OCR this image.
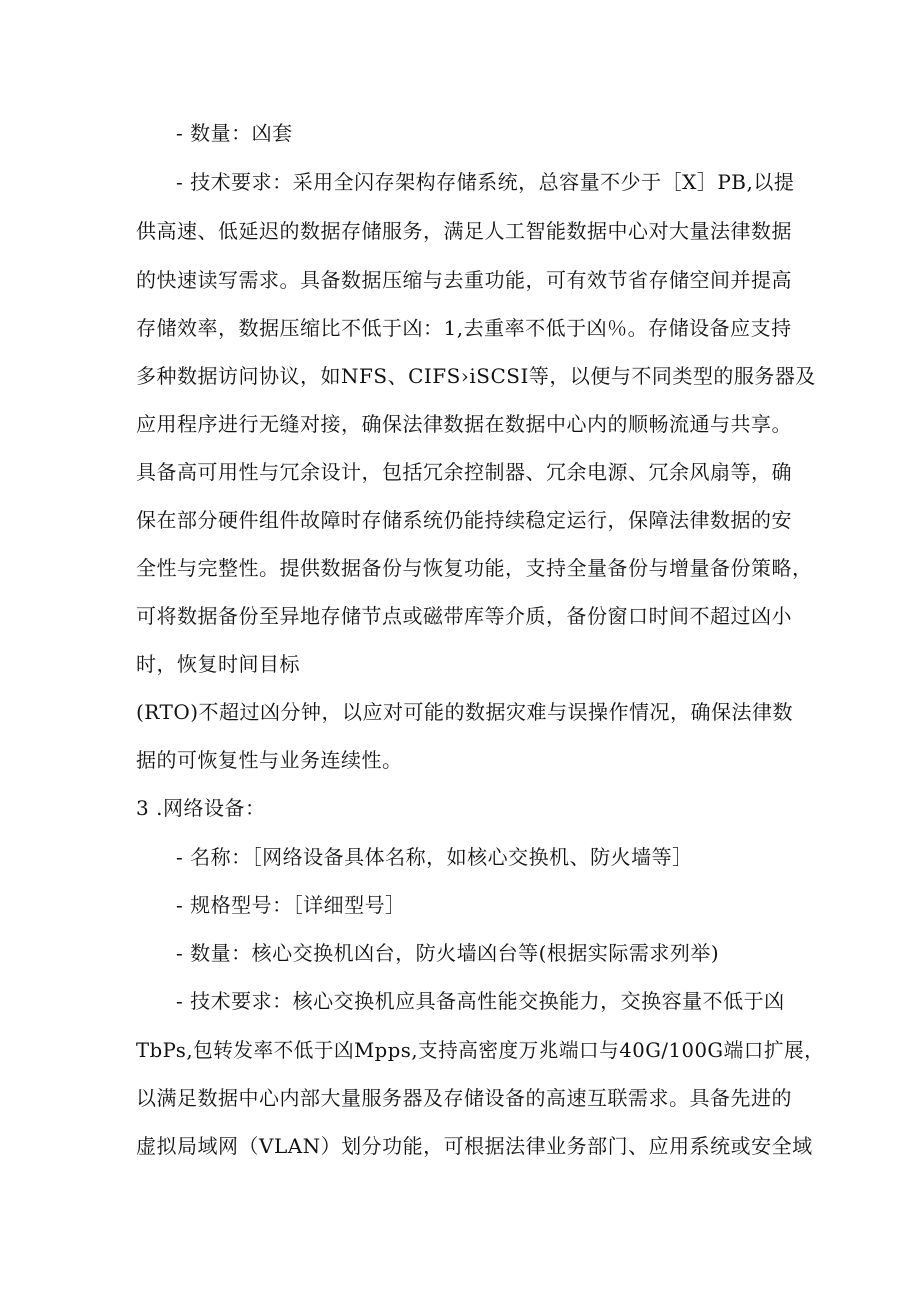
- 数量：凶套
- 技术要求：采用全闪存架构存储系统，总容量不少于［X］PB,以提
供高速、低延迟的数据存储服务，满足人工智能数据中心对大量法律数据
的快速读写需求。具备数据压缩与去重功能，可有效节省存储空间并提高
存储效率，数据压缩比不低于凶：1,去重率不低于凶％。存储设备应支持
多种数据访问协议，如NFS、CIFS›iSCSI等，以便与不同类型的服务器及
应用程序进行无缝对接，确保法律数据在数据中心内的顺畅流通与共享。
具备高可用性与冗余设计，包括冗余控制器、冗余电源、冗余风扇等，确
保在部分硬件组件故障时存储系统仍能持续稳定运行，保障法律数据的安
全性与完整性。提供数据备份与恢复功能，支持全量备份与增量备份策略，
可将数据备份至异地存储节点或磁带库等介质，备份窗口时间不超过凶小
时，恢复时间目标
(RTO)不超过凶分钟，以应对可能的数据灾难与误操作情况，确保法律数
据的可恢复性与业务连续性。
3 .网络设备：
- 名称：［网络设备具体名称，如核心交换机、防火墙等］
- 规格型号：［详细型号］
- 数量：核心交换机凶台，防火墙凶台等(根据实际需求列举)
- 技术要求：核心交换机应具备高性能交换能力，交换容量不低于凶
TbPs,包转发率不低于凶Mpps,支持高密度万兆端口与40G/100G端口扩展，
以满足数据中心内部大量服务器及存储设备的高速互联需求。具备先进的
虚拟局域网（VLAN）划分功能，可根据法律业务部门、应用系统或安全域
